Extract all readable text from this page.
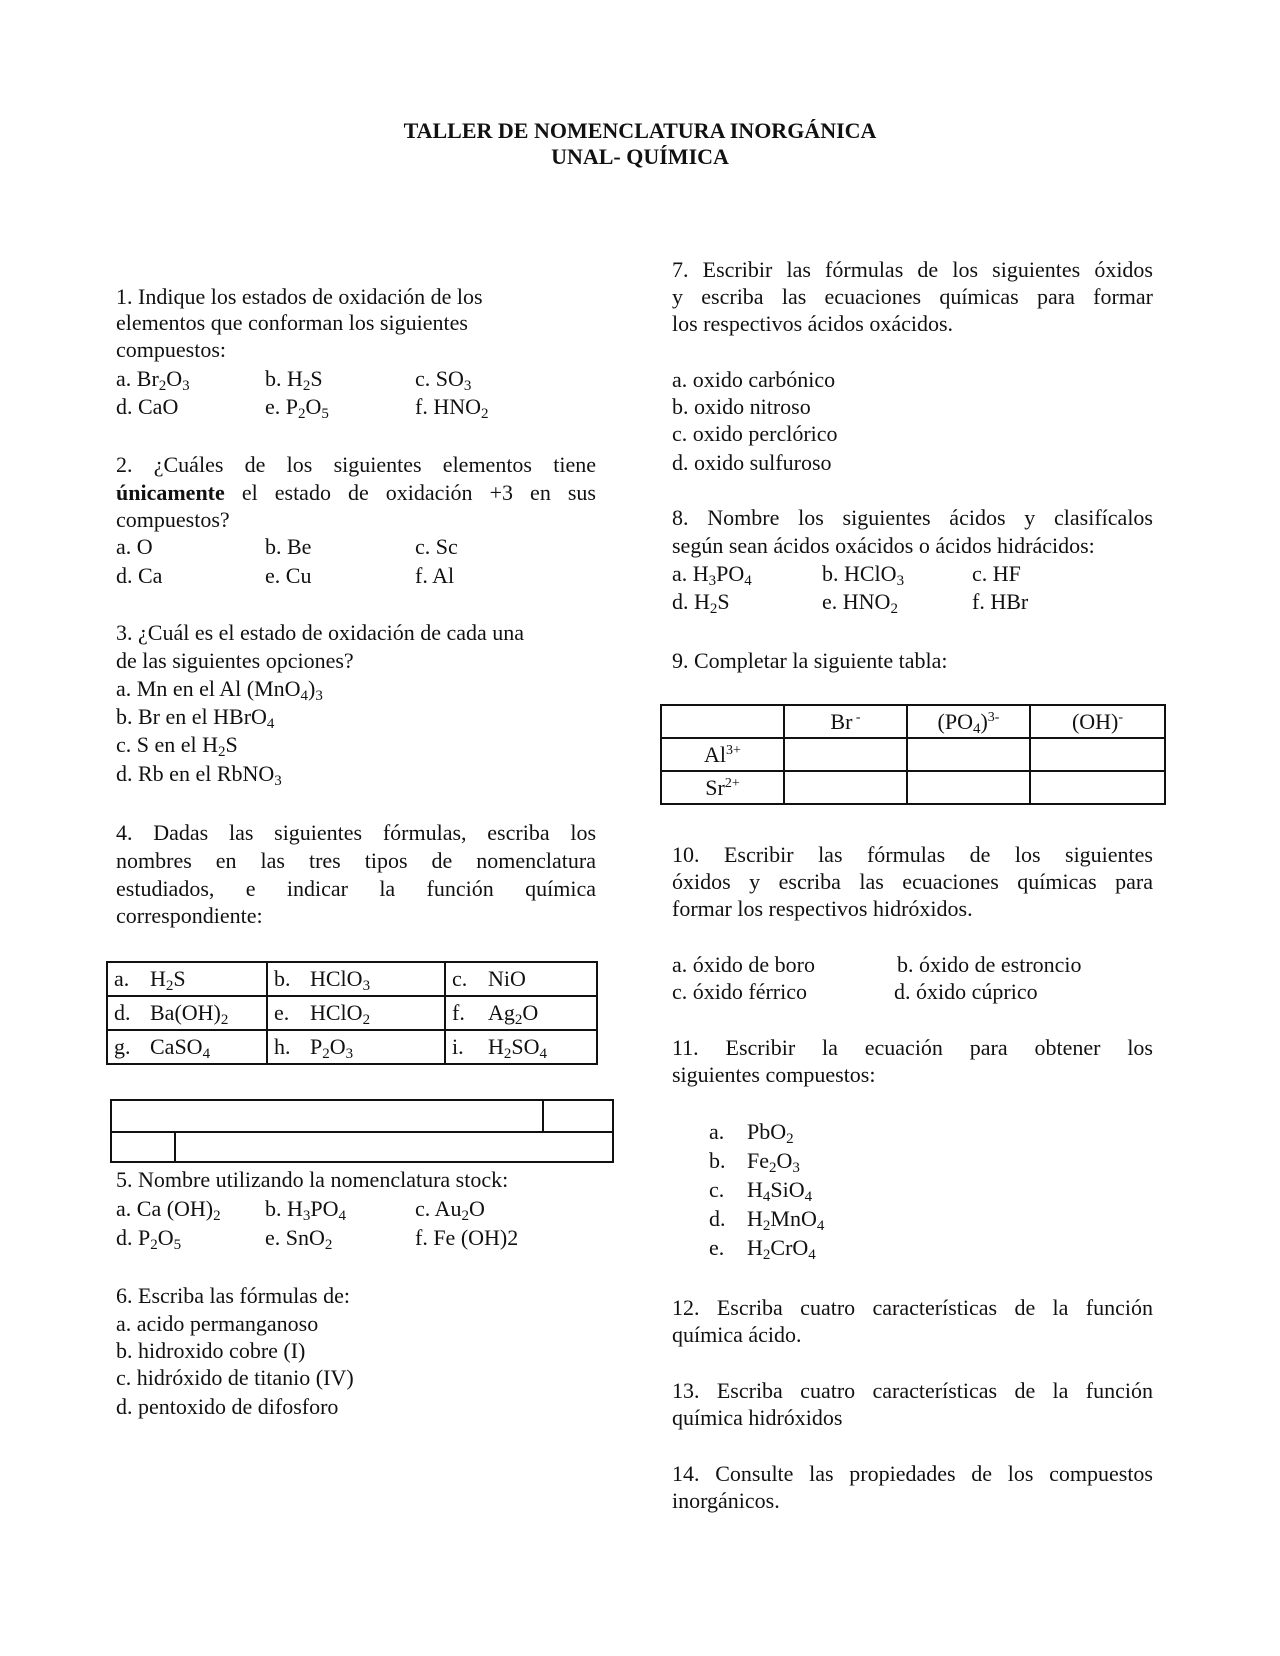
TALLER DE NOMENCLATURA INORGÁNICA
UNAL- QUÍMICA
1. Indique los estados de oxidación de los
elementos que conforman los siguientes
compuestos:
a. $Br_2O_3$	b. $H_2S$	c. $SO_3$
d. CaO	e. $P_2O_5$	f. $HNO_2$
2. ¿Cuáles de los siguientes elementos tiene
únicamente el estado de oxidación +3 en sus
compuestos?
a. O	b. Be	c. Sc
d. Ca	e. Cu	f. Al
3. ¿Cuál es el estado de oxidación de cada una
de las siguientes opciones?
a. Mn en el Al $(MnO_4)_3$
b. Br en el HBrO$_4$
c. S en el $H_2S$
d. Rb en el RbNO$_3$
4. Dadas las siguientes fórmulas, escriba los
nombres en las tres tipos de nomenclatura
estudiados, e indicar la función química
correspondiente:
a. $H_2S$	b. HClO$_3$	c. NiO
d. $Ba(OH)_2$	e. HClO$_2$	f. $Ag_2O$
g. CaSO$_4$	h. $P_2O_3$	i. $H_2SO_4$
5. Nombre utilizando la nomenclatura stock:
a. Ca $(OH)_2$ b. $H_3PO_4$	c. $Au_2O$
d. $P_2O_5$	e. SnO$_2$	f. Fe (OH)2
6. Escriba las fórmulas de:
a. acido permanganoso
b. hidroxido cobre (I)
c. hidróxido de titanio (IV)
d. pentoxido de difosforo
7. Escribir las fórmulas de los siguientes óxidos
y escriba las ecuaciones químicas para formar
los respectivos ácidos oxácidos.
a. oxido carbónico
b. oxido nitroso
c. oxido perclórico
d. oxido sulfuroso
8. Nombre los siguientes ácidos y clasifícalos
según sean ácidos oxácidos o ácidos hidrácidos:
a. $H_3PO_4$	b. HClO$_3$	c. HF
d. $H_2S$	e. $HNO_2$	f. HBr
9. Completar la siguiente tabla:
	Br -	$(PO_4)^{3-}$	(OH)-
$Al^{3+}$			
$Sr^{2+}$			
10. Escribir las fórmulas de los siguientes
óxidos y escriba las ecuaciones químicas para
formar los respectivos hidróxidos.
a. óxido de boro	b. óxido de estroncio
c. óxido férrico	d. óxido cúprico
11. Escribir la ecuación para obtener los
siguientes compuestos:
a. PbO$_2$
b. $Fe_2O_3$
c. $H_4SiO_4$
d. $H_2MnO_4$
e. $H_2CrO_4$
12. Escriba cuatro características de la función
química ácido.
13. Escriba cuatro características de la función
química hidróxidos
14. Consulte las propiedades de los compuestos
inorgánicos.
